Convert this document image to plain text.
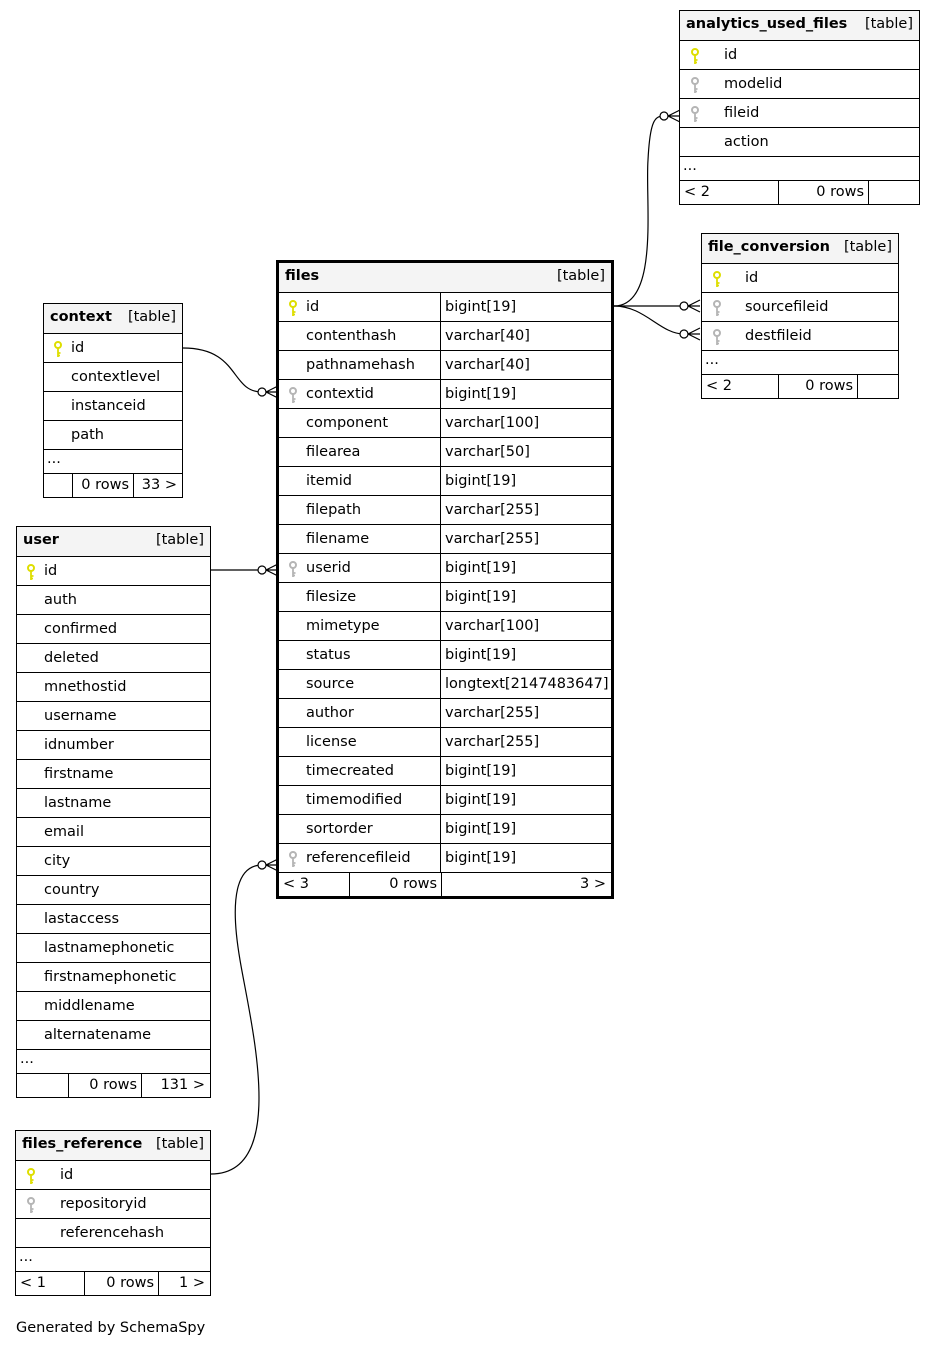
analytics_used_files [table]
id
modelid
fileid
action
...
< 2	0 rows
file_conversion [table]
id
sourcefileid
destfileid
...
< 2	0 rows
files	[table]
id	bigint[19]
contenthash	varchar[40]
pathnamehash varchar[40]
contextid	bigint[19]
component	varchar[100]
filearea	varchar[50]
itemid	bigint[19]
filepath	varchar[255]
filename	varchar[255]
userid	bigint[19]
filesize	bigint[19]
mimetype	varchar[100]
status	bigint[19]
source	longtext[2147483647]
author	varchar[255]
license	varchar[255]
timecreated	bigint[19]
timemodified	bigint[19]
sortorder	bigint[19]
referencefileid bigint[19]
< 3	0 rows	3 >
context [table]
id
contextlevel
instanceid
path
...
0 rows 33 >
user	[table]
id
auth
confirmed
deleted
mnethostid
username
idnumber
firstname
lastname
email
city
country
lastaccess
lastnamephonetic
firstnamephonetic
middlename
alternatename
...
0 rows 131 >
files_reference [table]
id
repositoryid
referencehash
...
< 1	0 rows 1 >
Generated by SchemaSpy
